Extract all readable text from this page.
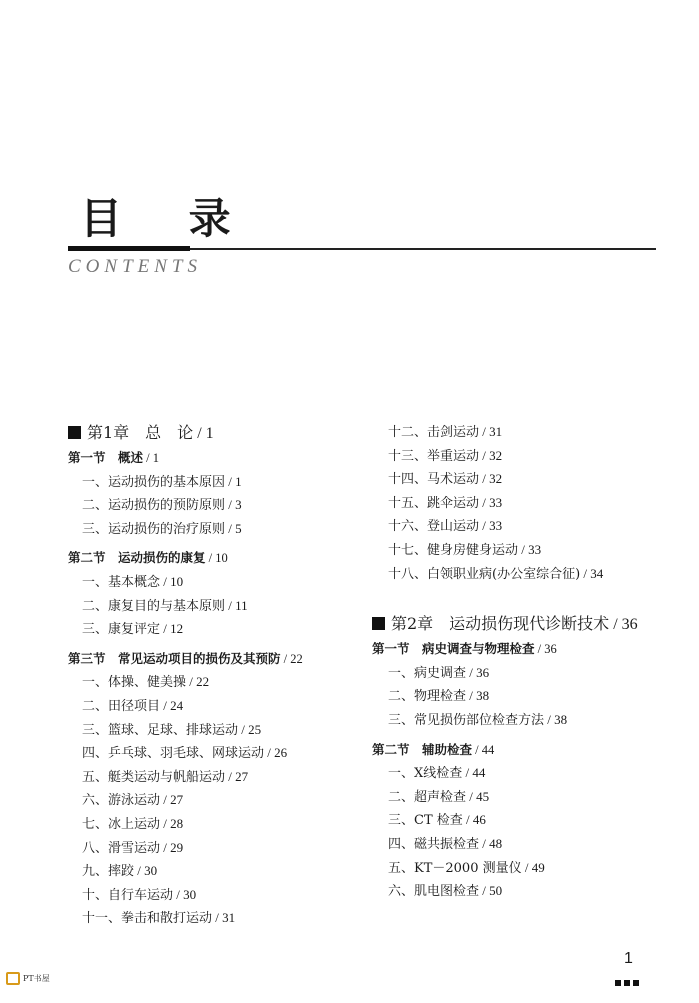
目 录
CONTENTS
第1章　总　论 / 1
第一节　概述 / 1
一、运动损伤的基本原因 / 1
二、运动损伤的预防原则 / 3
三、运动损伤的治疗原则 / 5
第二节　运动损伤的康复 / 10
一、基本概念 / 10
二、康复目的与基本原则 / 11
三、康复评定 / 12
第三节　常见运动项目的损伤及其预防 / 22
一、体操、健美操 / 22
二、田径项目 / 24
三、篮球、足球、排球运动 / 25
四、乒乓球、羽毛球、网球运动 / 26
五、艇类运动与帆船运动 / 27
六、游泳运动 / 27
七、冰上运动 / 28
八、滑雪运动 / 29
九、摔跤 / 30
十、自行车运动 / 30
十一、拳击和散打运动 / 31
十二、击剑运动 / 31
十三、举重运动 / 32
十四、马术运动 / 32
十五、跳伞运动 / 33
十六、登山运动 / 33
十七、健身房健身运动 / 33
十八、白领职业病(办公室综合征) / 34
第2章　运动损伤现代诊断技术 / 36
第一节　病史调查与物理检查 / 36
一、病史调查 / 36
二、物理检查 / 38
三、常见损伤部位检查方法 / 38
第二节　辅助检查 / 44
一、X线检查 / 44
二、超声检查 / 45
三、CT 检查 / 46
四、磁共振检查 / 48
五、KT－2000 测量仪 / 49
六、肌电图检查 / 50
PT书屋
1
